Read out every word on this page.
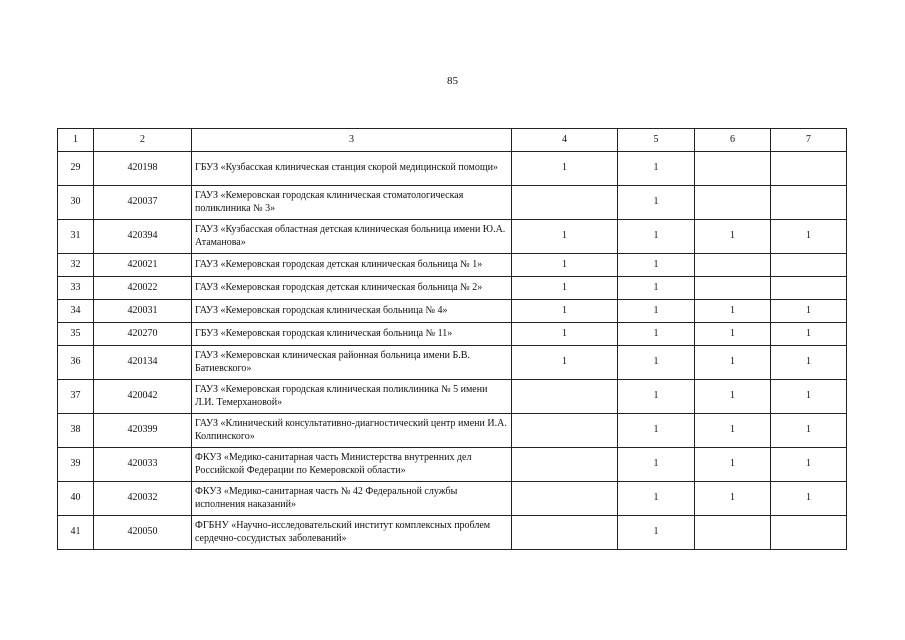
85
1	2	3	4	5	6	7
29	420198	ГБУЗ «Кузбасская клиническая станция скорой медицинской помощи»	1	1		
30	420037	ГАУЗ «Кемеровская городская клиническая стоматологическая поликлиника № 3»		1		
31	420394	ГАУЗ «Кузбасская областная детская клиническая больница имени Ю.А. Атаманова»	1	1	1	1
32	420021	ГАУЗ «Кемеровская городская детская клиническая больница № 1»	1	1		
33	420022	ГАУЗ «Кемеровская городская детская клиническая больница № 2»	1	1		
34	420031	ГАУЗ «Кемеровская городская клиническая больница № 4»	1	1	1	1
35	420270	ГБУЗ «Кемеровская городская клиническая больница № 11»	1	1	1	1
36	420134	ГАУЗ «Кемеровская клиническая районная больница имени Б.В. Батиевского»	1	1	1	1
37	420042	ГАУЗ «Кемеровская городская клиническая поликлиника № 5 имени Л.И. Темерхановой»		1	1	1
38	420399	ГАУЗ «Клинический консультативно-диагностический центр имени И.А. Колпинского»		1	1	1
39	420033	ФКУЗ «Медико-санитарная часть Министерства внутренних дел Российской Федерации по Кемеровской области»		1	1	1
40	420032	ФКУЗ «Медико-санитарная часть № 42 Федеральной службы исполнения наказаний»		1	1	1
41	420050	ФГБНУ «Научно-исследовательский институт комплексных проблем сердечно-сосудистых заболеваний»		1		
